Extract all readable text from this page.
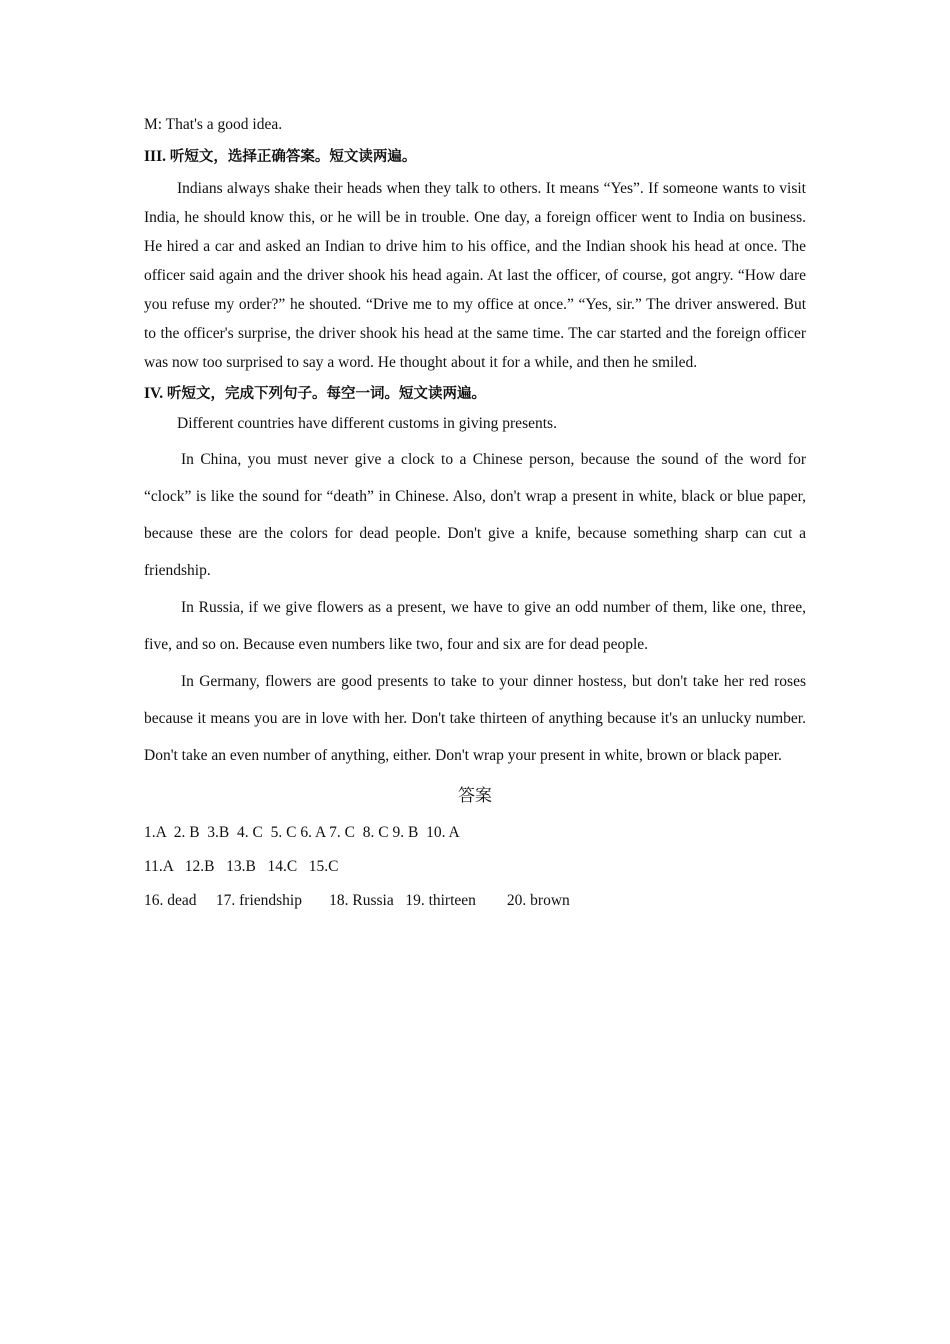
M: That's a good idea.

III. 听短文，选择正确答案。短文读两遍。

Indians always shake their heads when they talk to others. It means “Yes”. If someone wants to visit India, he should know this, or he will be in trouble. One day, a foreign officer went to India on business. He hired a car and asked an Indian to drive him to his office, and the Indian shook his head at once. The officer said again and the driver shook his head again. At last the officer, of course, got angry. “How dare you refuse my order?” he shouted. “Drive me to my office at once.” “Yes, sir.” The driver answered. But to the officer's surprise, the driver shook his head at the same time. The car started and the foreign officer was now too surprised to say a word. He thought about it for a while, and then he smiled.

IV. 听短文，完成下列句子。每空一词。短文读两遍。

Different countries have different customs in giving presents.

In China, you must never give a clock to a Chinese person, because the sound of the word for “clock” is like the sound for “death” in Chinese. Also, don't wrap a present in white, black or blue paper, because these are the colors for dead people. Don't give a knife, because something sharp can cut a friendship.

In Russia, if we give flowers as a present, we have to give an odd number of them, like one, three, five, and so on. Because even numbers like two, four and six are for dead people.

In Germany, flowers are good presents to take to your dinner hostess, but don't take her red roses because it means you are in love with her. Don't take thirteen of anything because it's an unlucky number. Don't take an even number of anything, either. Don't wrap your present in white, brown or black paper.

答案

1.A  2. B  3.B  4. C  5. C 6. A 7. C  8. C 9. B  10. A

11.A   12.B   13.B   14.C   15.C

16. dead     17. friendship       18. Russia   19. thirteen        20. brown
